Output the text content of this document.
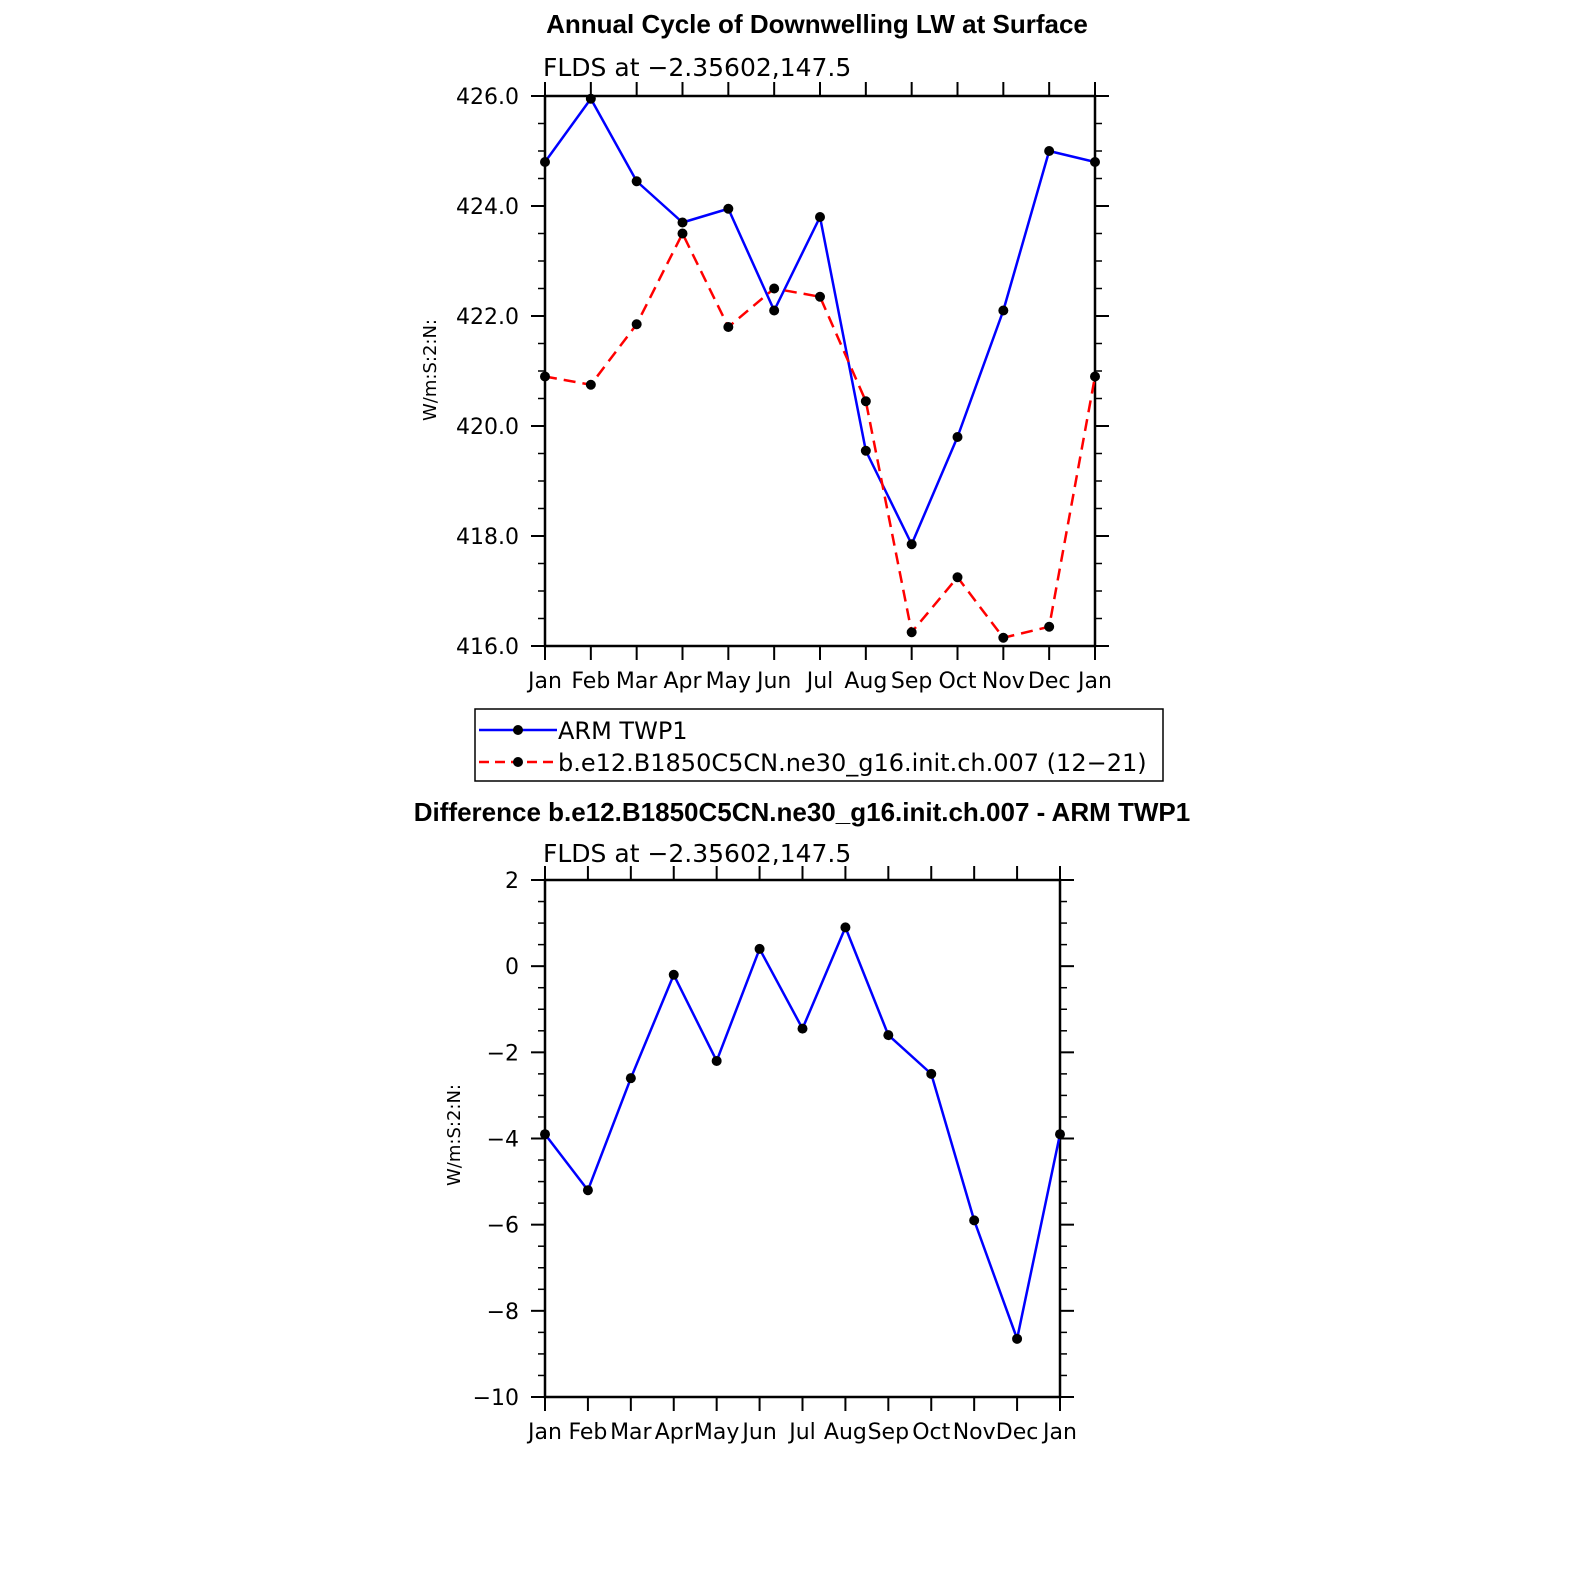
Annual Cycle of Downwelling LW at Surface
FLDS at −2.35602,147.5
W/m:S:2:N:
Jan Feb Mar Apr May Jun Jul Aug Sep Oct Nov Dec Jan
426.0
424.0
422.0
420.0
418.0
416.0
ARM TWP1
b.e12.B1850C5CN.ne30_g16.init.ch.007 (12−21)
Difference b.e12.B1850C5CN.ne30_g16.init.ch.007 - ARM TWP1
FLDS at −2.35602,147.5
W/m:S:2:N:
Jan Feb Mar Apr May Jun Jul Aug Sep Oct Nov Dec Jan
2
0
−2
−4
−6
−8
−10
